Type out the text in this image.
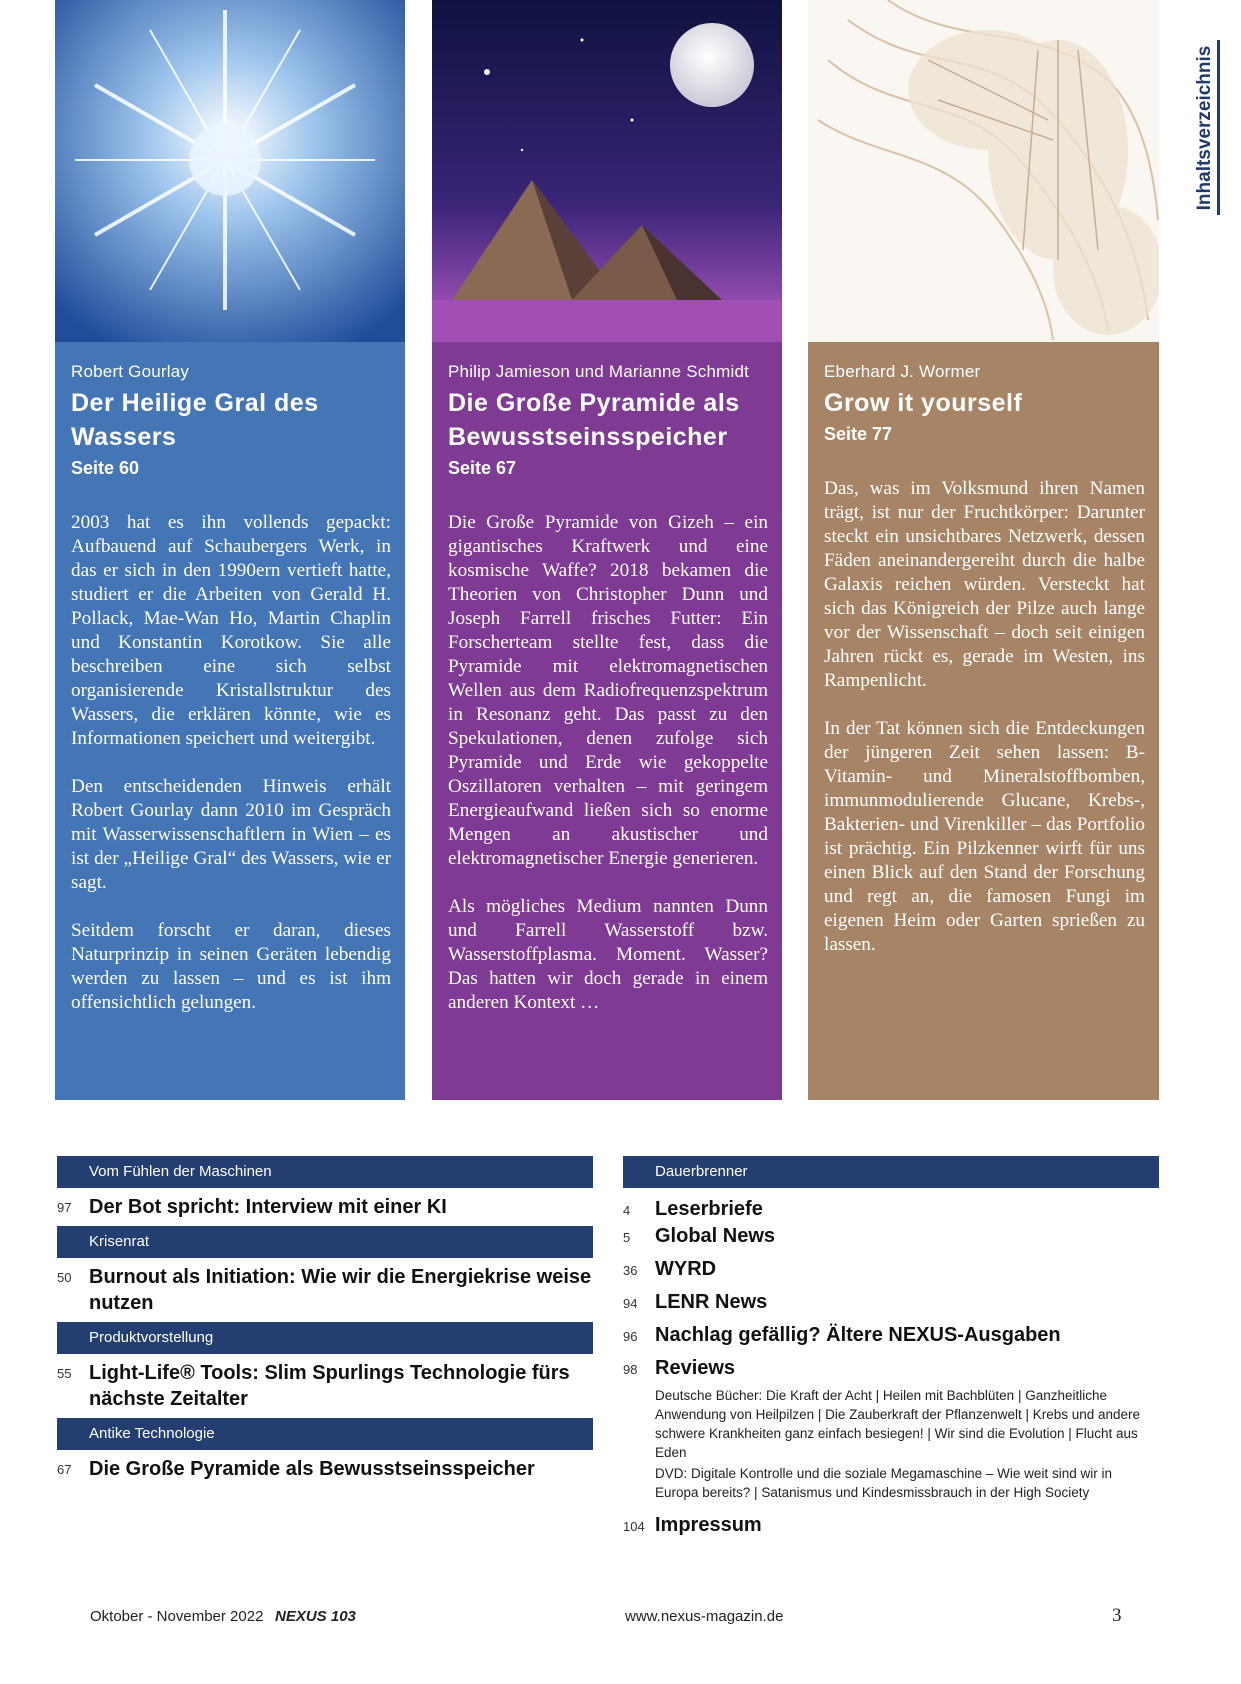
Robert Gourlay
Der Heilige Gral des Wassers
Seite 60

2003 hat es ihn vollends gepackt: Aufbauend auf Schaubergers Werk, in das er sich in den 1990ern vertieft hatte, studiert er die Arbeiten von Gerald H. Pollack, Mae-Wan Ho, Martin Chaplin und Konstantin Korotkow. Sie alle beschreiben eine sich selbst organisierende Kristallstruktur des Wassers, die erklären könnte, wie es Informationen speichert und weitergibt.

Den entscheidenden Hinweis erhält Robert Gourlay dann 2010 im Gespräch mit Wasserwissenschaftlern in Wien – es ist der „Heilige Gral“ des Wassers, wie er sagt.

Seitdem forscht er daran, dieses Naturprinzip in seinen Geräten lebendig werden zu lassen – und es ist ihm offensichtlich gelungen.

Philip Jamieson und Marianne Schmidt
Die Große Pyramide als Bewusstseinsspeicher
Seite 67

Die Große Pyramide von Gizeh – ein gigantisches Kraftwerk und eine kosmische Waffe? 2018 bekamen die Theorien von Christopher Dunn und Joseph Farrell frisches Futter: Ein Forscherteam stellte fest, dass die Pyramide mit elektromagnetischen Wellen aus dem Radiofrequenzspektrum in Resonanz geht. Das passt zu den Spekulationen, denen zufolge sich Pyramide und Erde wie gekoppelte Oszillatoren verhalten – mit geringem Energieaufwand ließen sich so enorme Mengen an akustischer und elektromagnetischer Energie generieren.

Als mögliches Medium nannten Dunn und Farrell Wasserstoff bzw. Wasserstoffplasma. Moment. Wasser? Das hatten wir doch gerade in einem anderen Kontext …

Eberhard J. Wormer
Grow it yourself
Seite 77

Das, was im Volksmund ihren Namen trägt, ist nur der Fruchtkörper: Darunter steckt ein unsichtbares Netzwerk, dessen Fäden aneinandergereiht durch die halbe Galaxis reichen würden. Versteckt hat sich das Königreich der Pilze auch lange vor der Wissenschaft – doch seit einigen Jahren rückt es, gerade im Westen, ins Rampenlicht.

In der Tat können sich die Entdeckungen der jüngeren Zeit sehen lassen: B-Vitamin- und Mineralstoffbomben, immunmodulierende Glucane, Krebs-, Bakterien- und Virenkiller – das Portfolio ist prächtig. Ein Pilzkenner wirft für uns einen Blick auf den Stand der Forschung und regt an, die famosen Fungi im eigenen Heim oder Garten sprießen zu lassen.

Inhaltsverzeichnis
Vom Fühlen der Maschinen
97 Der Bot spricht: Interview mit einer KI
Krisenrat
50 Burnout als Initiation: Wie wir die Energiekrise weise nutzen
Produktvorstellung
55 Light-Life® Tools: Slim Spurlings Technologie fürs nächste Zeitalter
Antike Technologie
67 Die Große Pyramide als Bewusstseinsspeicher
Dauerbrenner
4	Leserbriefe
5	Global News
36 WYRD
94 LENR News
96 Nachlag gefällig? Ältere NEXUS-Ausgaben
98 Reviews
Deutsche Bücher: Die Kraft der Acht | Heilen mit Bachblüten | Ganzheitliche Anwendung von Heilpilzen | Die Zauberkraft der Pflanzenwelt | Krebs und andere schwere Krankheiten ganz einfach besiegen! | Wir sind die Evolution | Flucht aus Eden
DVD: Digitale Kontrolle und die soziale Megamaschine – Wie weit sind wir in Europa bereits? | Satanismus und Kindesmissbrauch in der High Society
104 Impressum
Oktober - November 2022 NEXUS 103	www.nexus-magazin.de	3
